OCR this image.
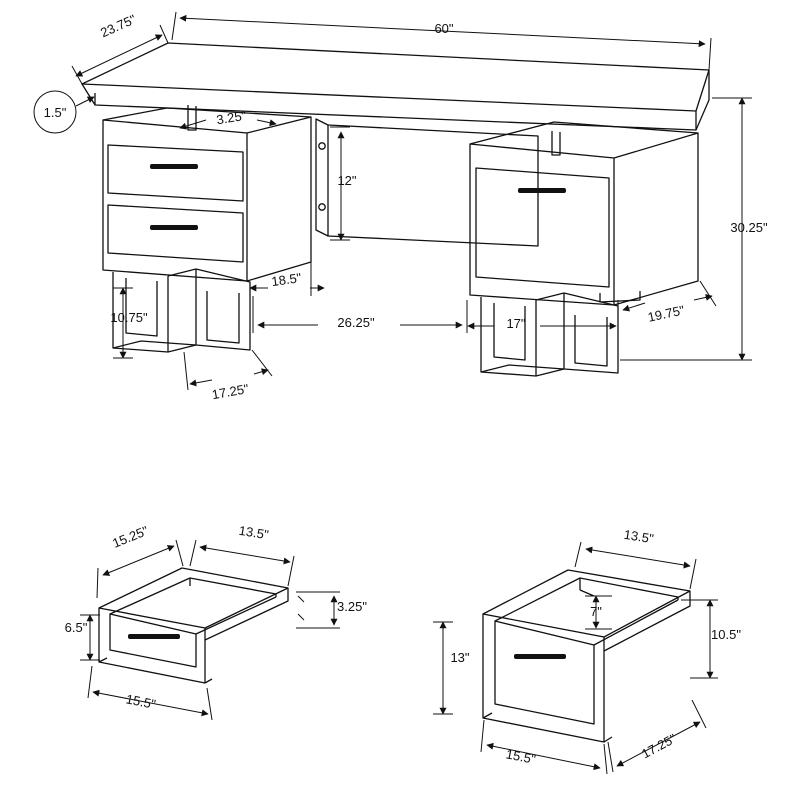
23.75"	60"
1.5"	3.25"
12"
30.25"
18.5"
10.75"	26.25"	17"	19.75"
17.25"
15.25"	13.5"
3.25"
6.5"
15.5"
13.5"
7"
10.5"
13"
15.5"	17.25"
